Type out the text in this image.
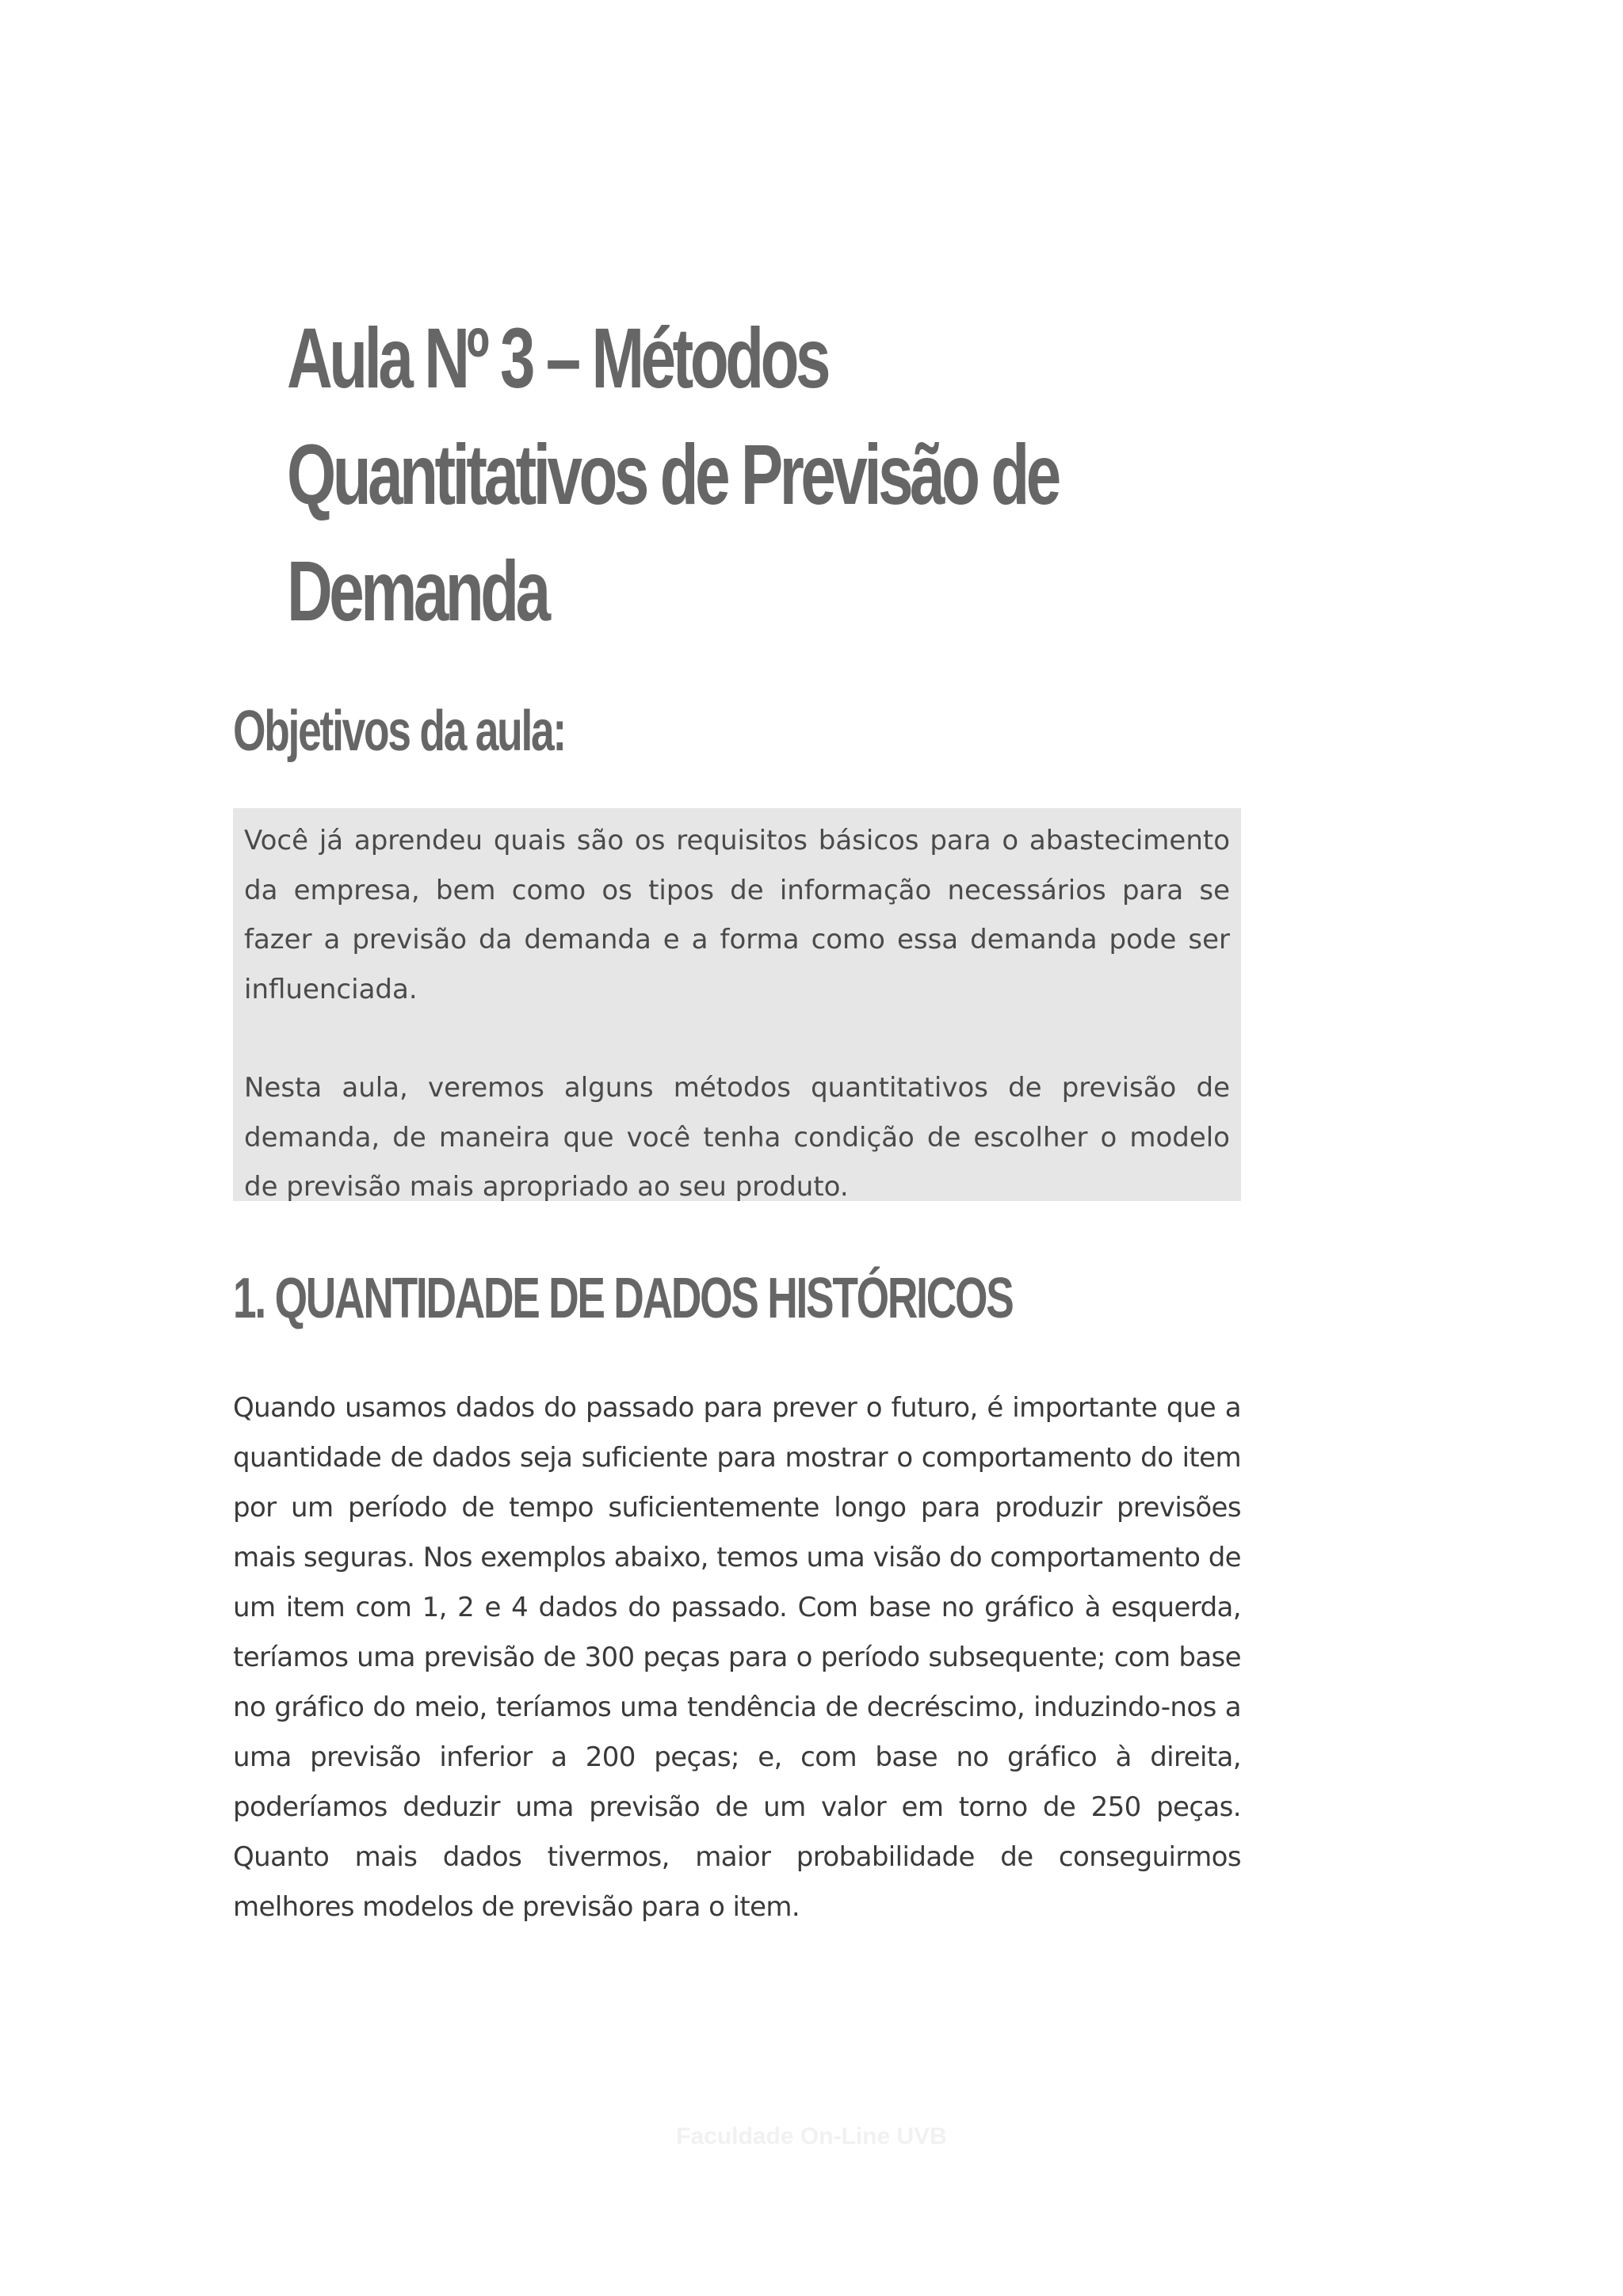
Aula Nº 3 – Métodos
Quantitativos de Previsão de
Demanda
Objetivos da aula:

Você já aprendeu quais são os requisitos básicos para o abastecimento da empresa, bem como os tipos de informação necessários para se fazer a previsão da demanda e a forma como essa demanda pode ser influenciada.

Nesta aula, veremos alguns métodos quantitativos de previsão de demanda, de maneira que você tenha condição de escolher o modelo de previsão mais apropriado ao seu produto.

1. QUANTIDADE DE DADOS HISTÓRICOS

Quando usamos dados do passado para prever o futuro, é importante que a quantidade de dados seja suficiente para mostrar o comportamento do item por um período de tempo suficientemente longo para produzir previsões mais seguras. Nos exemplos abaixo, temos uma visão do comportamento de um item com 1, 2 e 4 dados do passado. Com base no gráfico à esquerda, teríamos uma previsão de 300 peças para o período subsequente; com base no gráfico do meio, teríamos uma tendência de decréscimo, induzindo-nos a uma previsão inferior a 200 peças; e, com base no gráfico à direita, poderíamos deduzir uma previsão de um valor em torno de 250 peças. Quanto mais dados tivermos, maior probabilidade de conseguirmos melhores modelos de previsão para o item.

Faculdade On-Line UVB
